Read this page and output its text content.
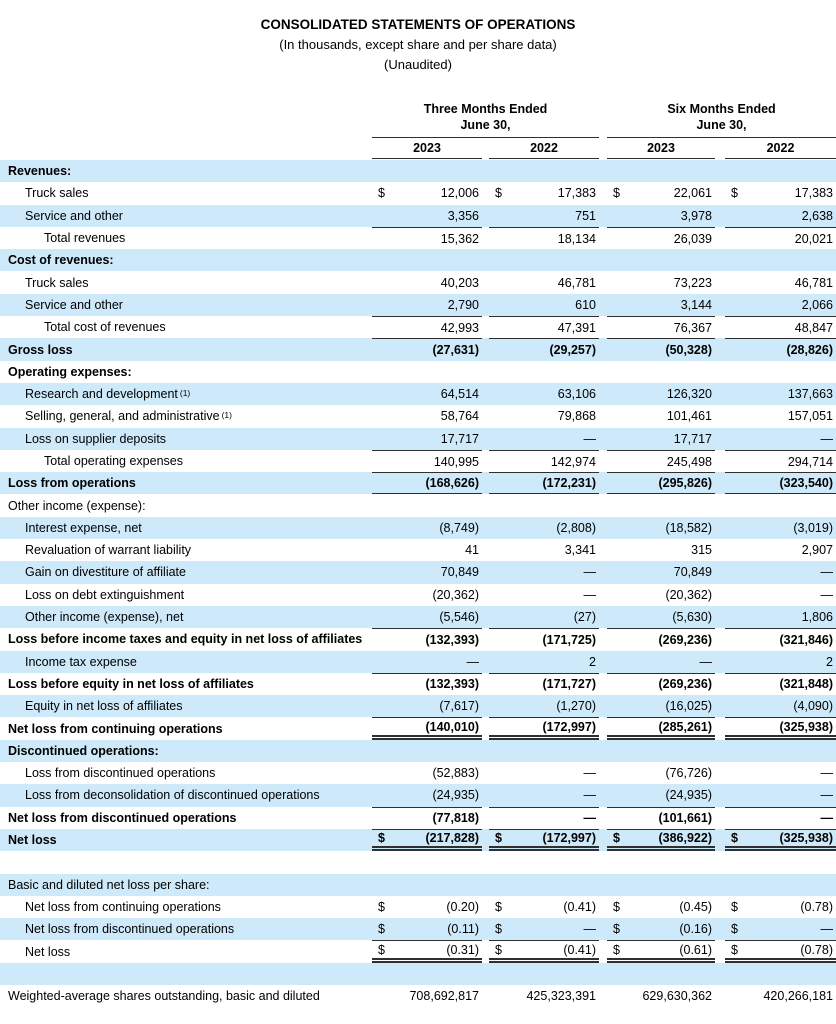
CONSOLIDATED STATEMENTS OF OPERATIONS
(In thousands, except share and per share data)
(Unaudited)
Three Months Ended
June 30,
Six Months Ended
June 30,
2023	2022	2023	2022
Revenues:
Truck sales	$	12,006 $	17,383 $	22,061 $	17,383
Service and other	3,356	751	3,978	2,638
Total revenues	15,362	18,134	26,039	20,021
Cost of revenues:
Truck sales	40,203	46,781	73,223	46,781
Service and other	2,790	610	3,144	2,066
Total cost of revenues	42,993	47,391	76,367	48,847
Gross loss	(27,631)	(29,257)	(50,328)	(28,826)
Operating expenses:
Research and development$^{(1)}$	64,514	63,106	126,320	137,663
Selling, general, and administrative$^{(1)}$	58,764	79,868	101,461	157,051
Loss on supplier deposits	17,717	—	17,717	—
Total operating expenses	140,995	142,974	245,498	294,714
Loss from operations	(168,626)	(172,231)	(295,826)	(323,540)
Other income (expense):
Interest expense, net	(8,749)	(2,808)	(18,582)	(3,019)
Revaluation of warrant liability	41	3,341	315	2,907
Gain on divestiture of affiliate	70,849	—	70,849	—
Loss on debt extinguishment	(20,362)	—	(20,362)	—
Other income (expense), net	(5,546)	(27)	(5,630)	1,806
Loss before income taxes and equity in net loss of affiliates	(132,393)	(171,725)	(269,236)	(321,846)
Income tax expense	—	2	—	2
Loss before equity in net loss of affiliates	(132,393)	(171,727)	(269,236)	(321,848)
Equity in net loss of affiliates	(7,617)	(1,270)	(16,025)	(4,090)
Net loss from continuing operations	(140,010)	(172,997)	(285,261)	(325,938)
Discontinued operations:
Loss from discontinued operations	(52,883)	—	(76,726)	—
Loss from deconsolidation of discontinued operations	(24,935)	—	(24,935)	—
Net loss from discontinued operations	(77,818)	—	(101,661)	—
Net loss	$	(217,828) $	(172,997) $	(386,922) $	(325,938)
Basic and diluted net loss per share:
Net loss from continuing operations	$	(0.20) $	(0.41) $	(0.45) $	(0.78)
Net loss from discontinued operations	$	(0.11) $	— $	(0.16) $	—
Net loss	$	(0.31) $	(0.41) $	(0.61) $	(0.78)
Weighted-average shares outstanding, basic and diluted	708,692,817	425,323,391	629,630,362	420,266,181
